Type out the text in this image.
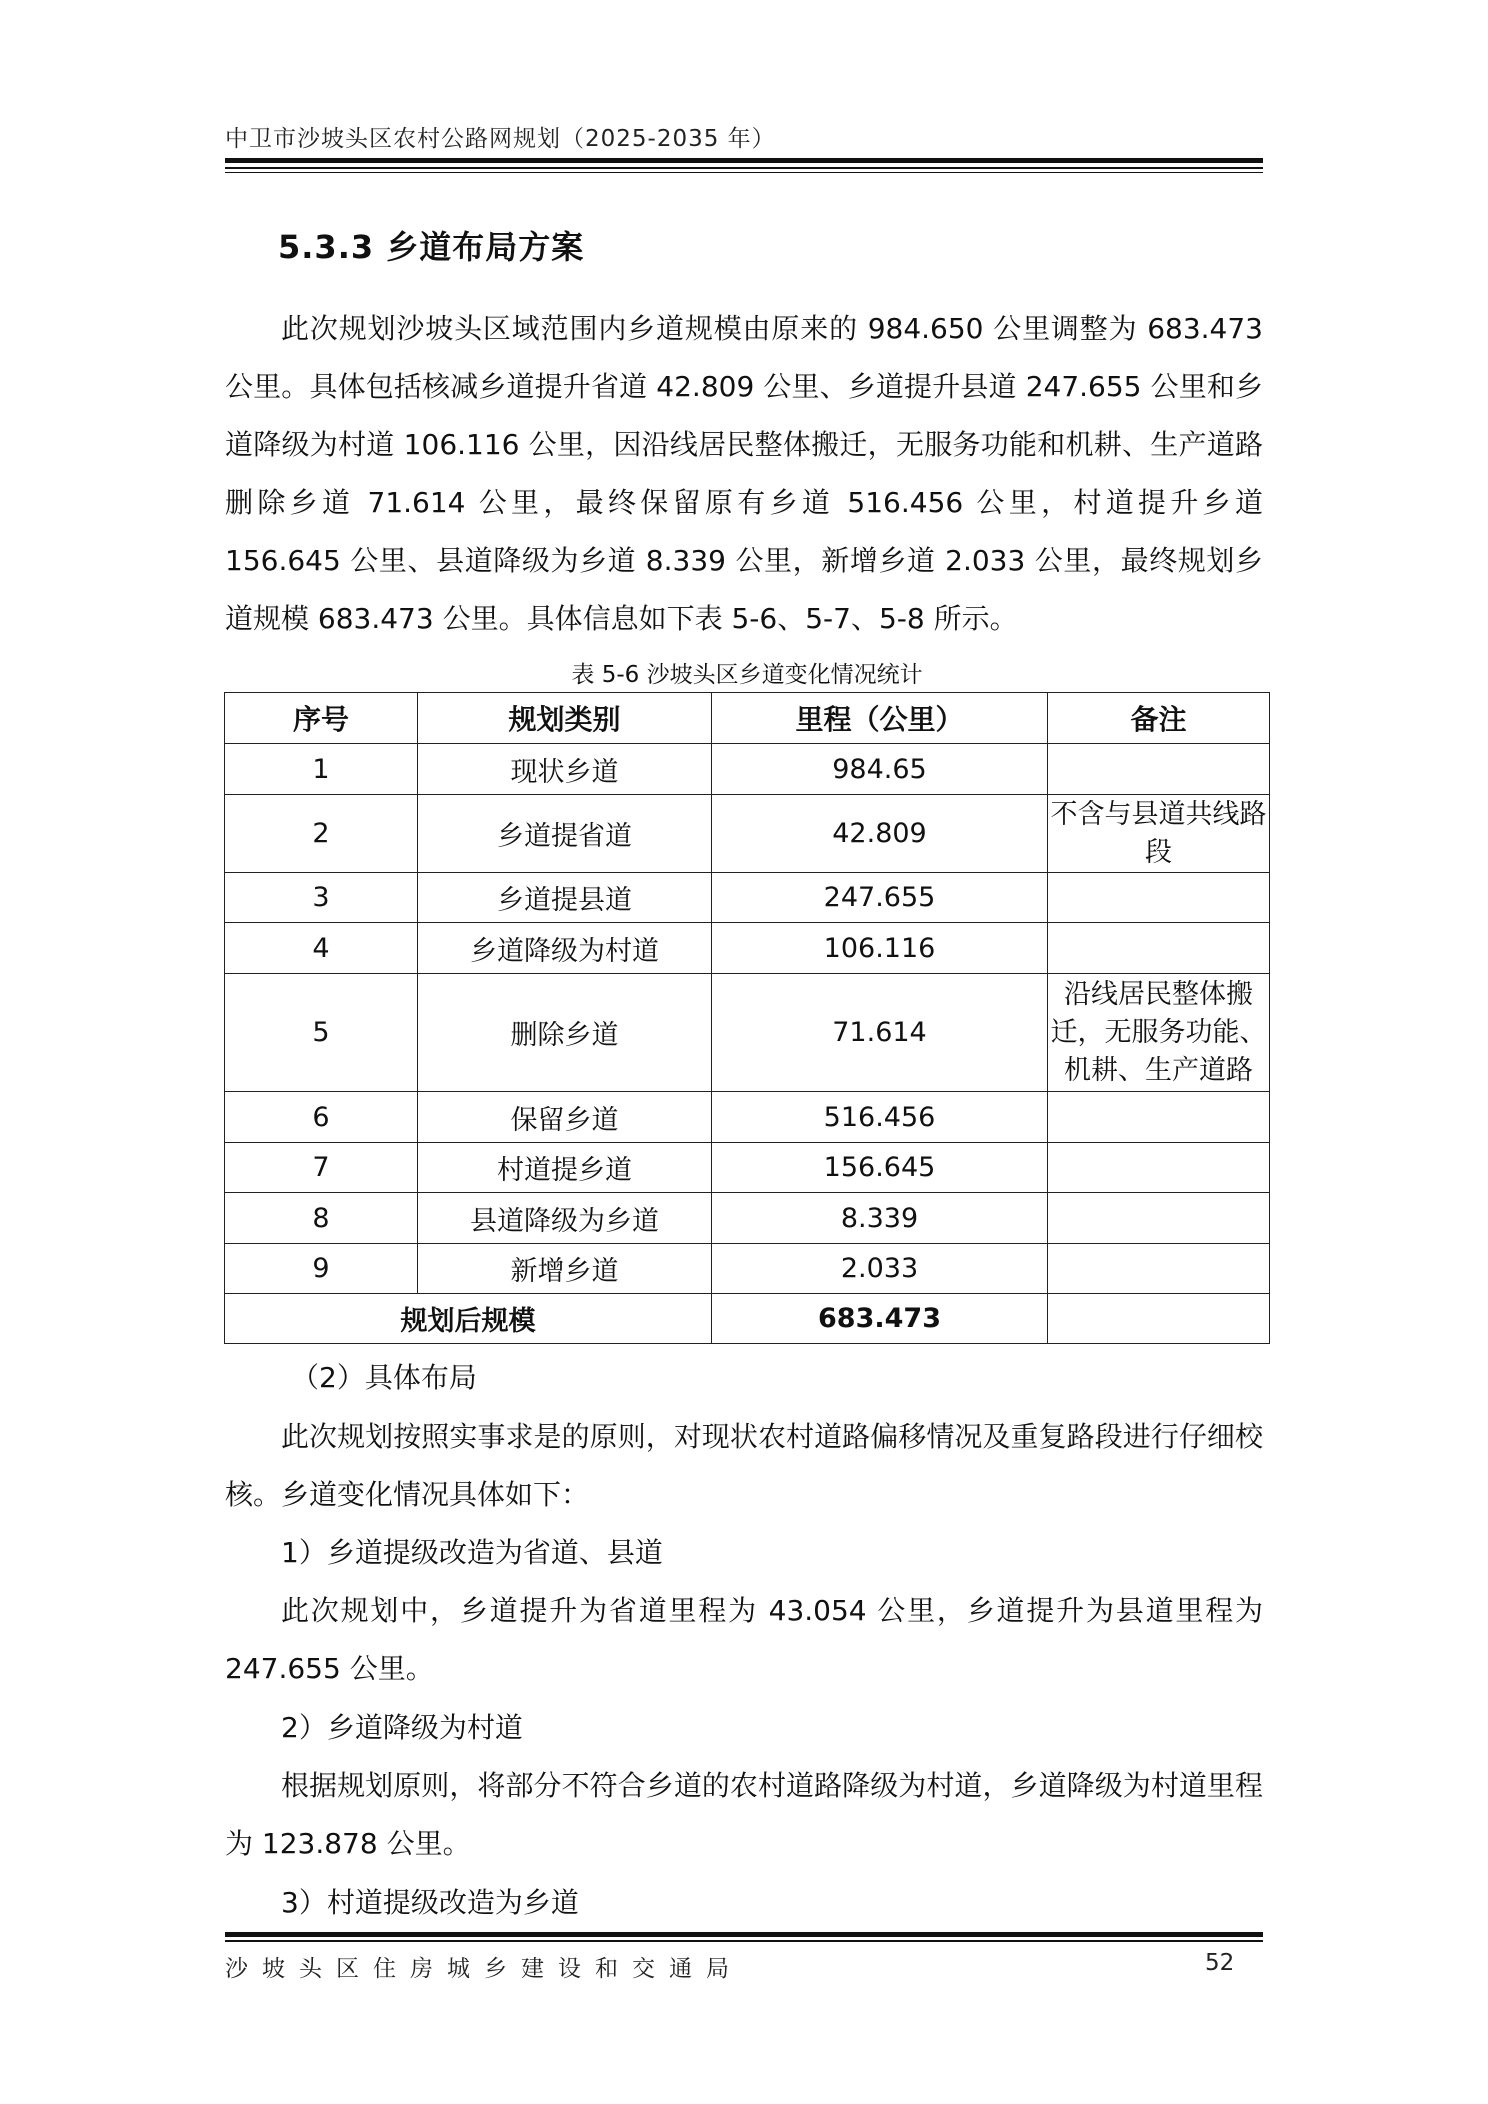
中卫市沙坡头区农村公路网规划（2025-2035 年）
5.3.3 乡道布局方案

此次规划沙坡头区域范围内乡道规模由原来的 984.650 公里调整为 683.473 公里。具体包括核减乡道提升省道 42.809 公里、乡道提升县道 247.655 公里和乡道降级为村道 106.116 公里，因沿线居民整体搬迁，无服务功能和机耕、生产道路删除乡道 71.614 公里，最终保留原有乡道 516.456 公里，村道提升乡道 156.645 公里、县道降级为乡道 8.339 公里，新增乡道 2.033 公里，最终规划乡道规模 683.473 公里。具体信息如下表 5-6、5-7、5-8 所示。

表 5-6 沙坡头区乡道变化情况统计
序号	规划类别	里程（公里）	备注
1	现状乡道	984.65	
2	乡道提省道	42.809	不含与县道共线路段
3	乡道提县道	247.655	
4	乡道降级为村道	106.116	
5	删除乡道	71.614	沿线居民整体搬迁，无服务功能、机耕、生产道路
6	保留乡道	516.456	
7	村道提乡道	156.645	
8	县道降级为乡道	8.339	
9	新增乡道	2.033	
规划后规模		683.473	
（2）具体布局

此次规划按照实事求是的原则，对现状农村道路偏移情况及重复路段进行仔细校核。乡道变化情况具体如下：

1）乡道提级改造为省道、县道

此次规划中，乡道提升为省道里程为 43.054 公里，乡道提升为县道里程为 247.655 公里。

2）乡道降级为村道

根据规划原则，将部分不符合乡道的农村道路降级为村道，乡道降级为村道里程为 123.878 公里。

3）村道提级改造为乡道
沙坡头区住房城乡建设和交通局	52
